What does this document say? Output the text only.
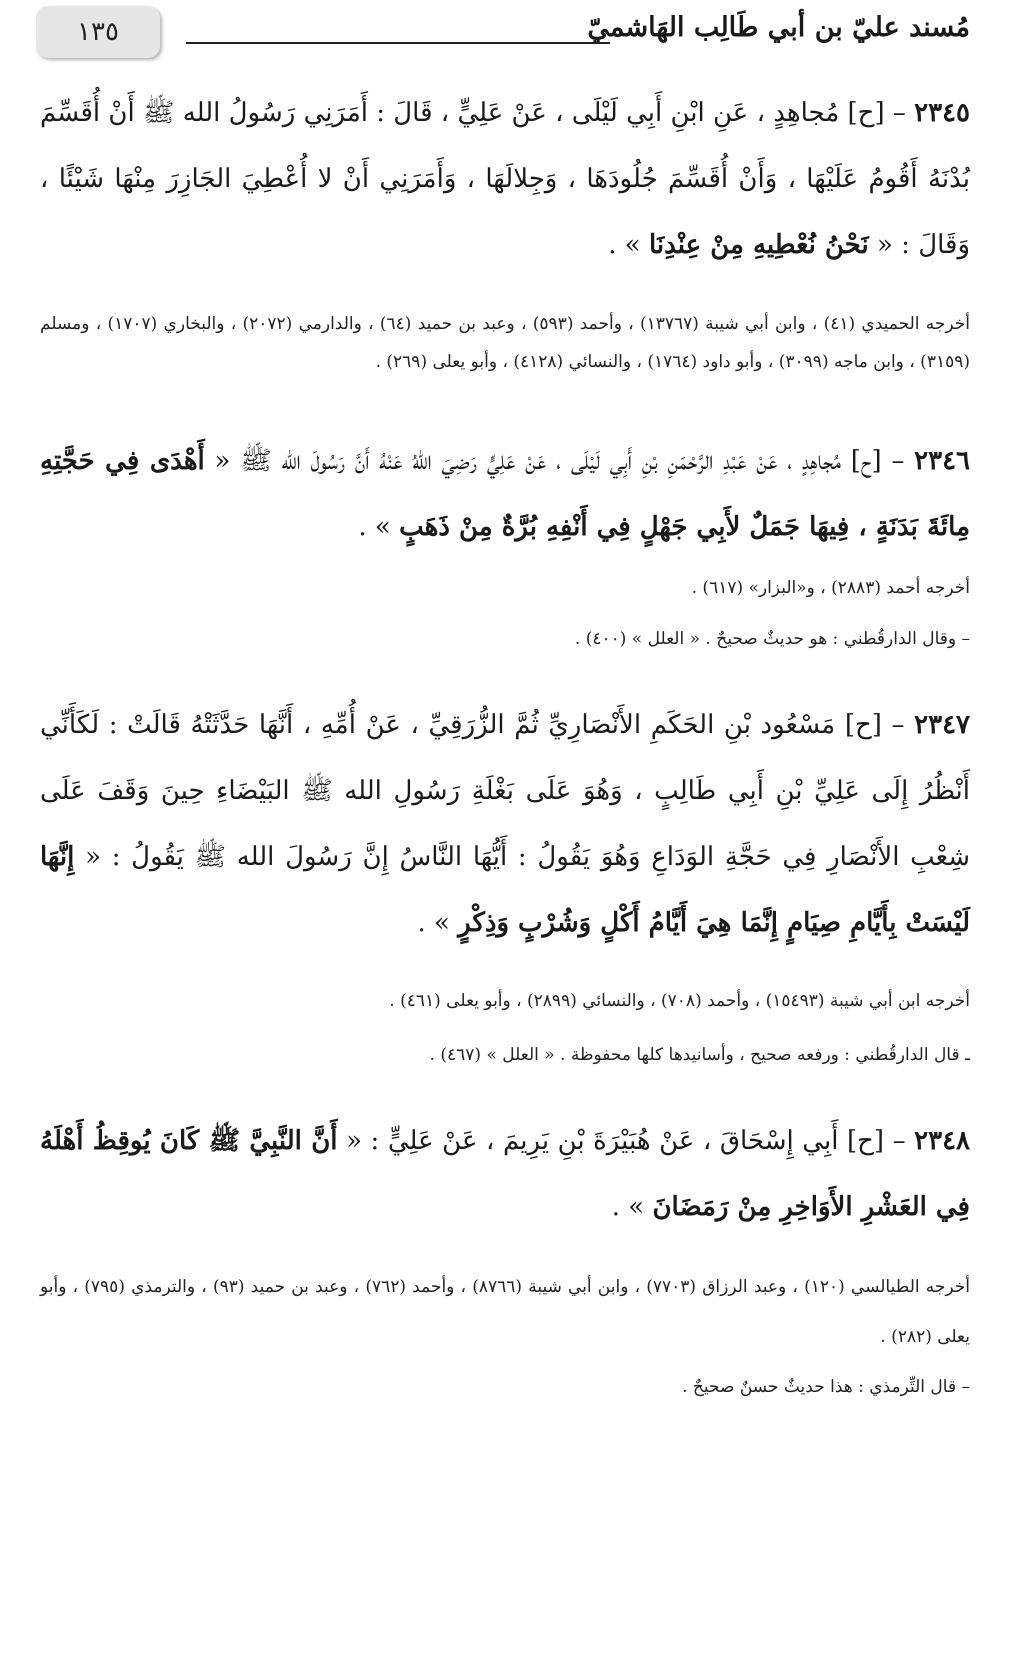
مُسند عليّ بن أبي طَالِب الهَاشميّ
١٣٥
٢٣٤٥ – [ح] مُجاهِدٍ ، عَنِ ابْنِ أَبِي لَيْلَى ، عَنْ عَلِيٍّ ، قَالَ : أَمَرَنِي رَسُولُ الله ﷺ أَنْ أُقَسِّمَ بُدْنَهُ أَقُومُ عَلَيْهَا ، وَأَنْ أُقَسِّمَ جُلُودَهَا ، وَجِلالَهَا ، وَأَمَرَنِي أَنْ لا أُعْطِيَ الجَازِرَ مِنْهَا شَيْئًا ، وَقَالَ : « نَحْنُ نُعْطِيهِ مِنْ عِنْدِنَا » .
أخرجه الحميدي (٤١) ، وابن أبي شيبة (١٣٧٦٧) ، وأحمد (٥٩٣) ، وعبد بن حميد (٦٤) ، والدارمي (٢٠٧٢) ، والبخاري (١٧٠٧) ، ومسلم (٣١٥٩) ، وابن ماجه (٣٠٩٩) ، وأبو داود (١٧٦٤) ، والنسائي (٤١٢٨) ، وأبو يعلى (٢٦٩) .
٢٣٤٦ – [ح] مُجاهِدٍ ، عَنْ عَبْدِ الرَّحْمَنِ بْنِ أَبِي لَيْلَى ، عَنْ عَلِيٍّ رَضِيَ اللهُ عَنْهُ أَنَّ رَسُولَ الله ﷺ « أَهْدَى فِي حَجَّتِهِ مِائَةَ بَدَنَةٍ ، فِيهَا جَمَلٌ لأَبِي جَهْلٍ فِي أَنْفِهِ بُرَّةٌ مِنْ ذَهَبٍ » .
أخرجه أحمد (٢٨٨٣) ، و«البزار» (٦١٧) .
– وقال الدارقُطني : هو حديثٌ صحيحٌ . « العلل » (٤٠٠) .
٢٣٤٧ – [ح] مَسْعُود بْنِ الحَكَمِ الأَنْصَارِيِّ ثُمَّ الزُّرَقِيِّ ، عَنْ أُمِّهِ ، أَنَّهَا حَدَّثَتْهُ قَالَتْ : لَكَأَنِّي أَنْظُرُ إِلَى عَلِيِّ بْنِ أَبِي طَالِبٍ ، وَهُوَ عَلَى بَغْلَةِ رَسُولِ الله ﷺ البَيْضَاءِ حِينَ وَقَفَ عَلَى شِعْبِ الأَنْصَارِ فِي حَجَّةِ الوَدَاعِ وَهُوَ يَقُولُ : أَيُّهَا النَّاسُ إِنَّ رَسُولَ الله ﷺ يَقُولُ : « إِنَّهَا لَيْسَتْ بِأَيَّامِ صِيَامٍ إِنَّمَا هِيَ أَيَّامُ أَكْلٍ وَشُرْبٍ وَذِكْرٍ » .
أخرجه ابن أبي شيبة (١٥٤٩٣) ، وأحمد (٧٠٨) ، والنسائي (٢٨٩٩) ، وأبو يعلى (٤٦١) .
ـ قال الدارقُطني : ورفعه صحيح ، وأسانيدها كلها محفوظة . « العلل » (٤٦٧) .
٢٣٤٨ – [ح] أَبِي إِسْحَاقَ ، عَنْ هُبَيْرَةَ بْنِ يَرِيمَ ، عَنْ عَلِيٍّ : « أَنَّ النَّبِيَّ ﷺ كَانَ يُوقِظُ أَهْلَهُ فِي العَشْرِ الأَوَاخِرِ مِنْ رَمَضَانَ » .
أخرجه الطيالسي (١٢٠) ، وعبد الرزاق (٧٧٠٣) ، وابن أبي شيبة (٨٧٦٦) ، وأحمد (٧٦٢) ، وعبد بن حميد (٩٣) ، والترمذي (٧٩٥) ، وأبو يعلى (٢٨٢) .
– قال التِّرمذي : هذا حديثٌ حسنٌ صحيحٌ .
